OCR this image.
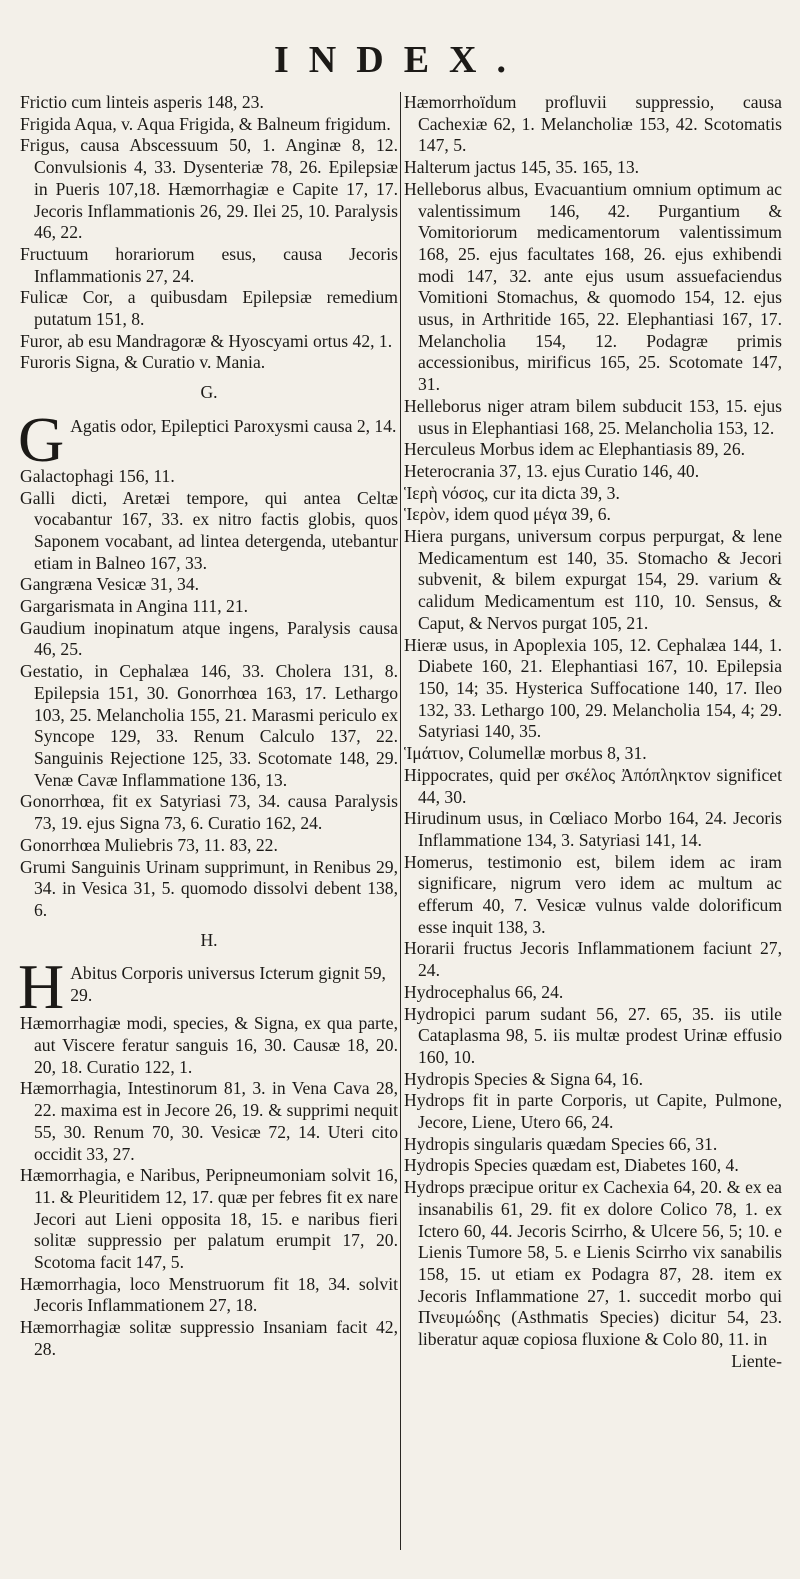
INDEX.

Frictio cum linteis asperis 148, 23.

Frigida Aqua, v. Aqua Frigida, & Balneum frigidum.

Frigus, causa Abscessuum 50, 1. Anginæ 8, 12. Convulsionis 4, 33. Dysenteriæ 78, 26. Epilepsiæ in Pueris 107,18. Hæmorrhagiæ e Capite 17, 17. Jecoris Inflammationis 26, 29. Ilei 25, 10. Paralysis 46, 22.

Fructuum horariorum esus, causa Jecoris Inflammationis 27, 24.

Fulicæ Cor, a quibusdam Epilepsiæ remedium putatum 151, 8.

Furor, ab esu Mandragoræ & Hyoscyami ortus 42, 1.

Furoris Signa, & Curatio v. Mania.

G.
G Agatis odor, Epileptici Paroxysmi causa 2, 14.

Galactophagi 156, 11.

Galli dicti, Aretæi tempore, qui antea Celtæ vocabantur 167, 33. ex nitro factis globis, quos Saponem vocabant, ad lintea detergenda, utebantur etiam in Balneo 167, 33.

Gangræna Vesicæ 31, 34.

Gargarismata in Angina 111, 21.

Gaudium inopinatum atque ingens, Paralysis causa 46, 25.

Gestatio, in Cephalæa 146, 33. Cholera 131, 8. Epilepsia 151, 30. Gonorrhœa 163, 17. Lethargo 103, 25. Melancholia 155, 21. Marasmi periculo ex Syncope 129, 33. Renum Calculo 137, 22. Sanguinis Rejectione 125, 33. Scotomate 148, 29. Venæ Cavæ Inflammatione 136, 13.

Gonorrhœa, fit ex Satyriasi 73, 34. causa Paralysis 73, 19. ejus Signa 73, 6. Curatio 162, 24.

Gonorrhœa Muliebris 73, 11. 83, 22.

Grumi Sanguinis Urinam supprimunt, in Renibus 29, 34. in Vesica 31, 5. quomodo dissolvi debent 138, 6.

H.
H Abitus Corporis universus Icterum gignit 59, 29.

Hæmorrhagiæ modi, species, & Signa, ex qua parte, aut Viscere feratur sanguis 16, 30. Causæ 18, 20. 20, 18. Curatio 122, 1.

Hæmorrhagia, Intestinorum 81, 3. in Vena Cava 28, 22. maxima est in Jecore 26, 19. & supprimi nequit 55, 30. Renum 70, 30. Vesicæ 72, 14. Uteri cito occidit 33, 27.

Hæmorrhagia, e Naribus, Peripneumoniam solvit 16, 11. & Pleuritidem 12, 17. quæ per febres fit ex nare Jecori aut Lieni opposita 18, 15. e naribus fieri solitæ suppressio per palatum erumpit 17, 20. Scotoma facit 147, 5.

Hæmorrhagia, loco Menstruorum fit 18, 34. solvit Jecoris Inflammationem 27, 18.

Hæmorrhagiæ solitæ suppressio Insaniam facit 42, 28.

Hæmorrhoïdum profluvii suppressio, causa Cachexiæ 62, 1. Melancholiæ 153, 42. Scotomatis 147, 5.

Halterum jactus 145, 35. 165, 13.

Helleborus albus, Evacuantium omnium optimum ac valentissimum 146, 42. Purgantium & Vomitoriorum medicamentorum valentissimum 168, 25. ejus facultates 168, 26. ejus exhibendi modi 147, 32. ante ejus usum assuefaciendus Vomitioni Stomachus, & quomodo 154, 12. ejus usus, in Arthritide 165, 22. Elephantiasi 167, 17. Melancholia 154, 12. Podagræ primis accessionibus, mirificus 165, 25. Scotomate 147, 31.

Helleborus niger atram bilem subducit 153, 15. ejus usus in Elephantiasi 168, 25. Melancholia 153, 12.

Herculeus Morbus idem ac Elephantiasis 89, 26.

Heterocrania 37, 13. ejus Curatio 146, 40.

Ἱερὴ νόσος, cur ita dicta 39, 3.

Ἱερὸν, idem quod μέγα 39, 6.

Hiera purgans, universum corpus perpurgat, & lene Medicamentum est 140, 35. Stomacho & Jecori subvenit, & bilem expurgat 154, 29. varium & calidum Medicamentum est 110, 10. Sensus, & Caput, & Nervos purgat 105, 21.

Hieræ usus, in Apoplexia 105, 12. Cephalæa 144, 1. Diabete 160, 21. Elephantiasi 167, 10. Epilepsia 150, 14; 35. Hysterica Suffocatione 140, 17. Ileo 132, 33. Lethargo 100, 29. Melancholia 154, 4; 29. Satyriasi 140, 35.

Ἱμάτιον, Columellæ morbus 8, 31.

Hippocrates, quid per σκέλος Ἀπόπληκτον significet 44, 30.

Hirudinum usus, in Cœliaco Morbo 164, 24. Jecoris Inflammatione 134, 3. Satyriasi 141, 14.

Homerus, testimonio est, bilem idem ac iram significare, nigrum vero idem ac multum ac efferum 40, 7. Vesicæ vulnus valde dolorificum esse inquit 138, 3.

Horarii fructus Jecoris Inflammationem faciunt 27, 24.

Hydrocephalus 66, 24.

Hydropici parum sudant 56, 27. 65, 35. iis utile Cataplasma 98, 5. iis multæ prodest Urinæ effusio 160, 10.

Hydropis Species & Signa 64, 16.

Hydrops fit in parte Corporis, ut Capite, Pulmone, Jecore, Liene, Utero 66, 24.

Hydropis singularis quædam Species 66, 31.

Hydropis Species quædam est, Diabetes 160, 4.

Hydrops præcipue oritur ex Cachexia 64, 20. & ex ea insanabilis 61, 29. fit ex dolore Colico 78, 1. ex Ictero 60, 44. Jecoris Scirrho, & Ulcere 56, 5; 10. e Lienis Tumore 58, 5. e Lienis Scirrho vix sanabilis 158, 15. ut etiam ex Podagra 87, 28. item ex Jecoris Inflammatione 27, 1. succedit morbo qui Πνευμώδης (Asthmatis Species) dicitur 54, 23. liberatur aquæ copiosa fluxione & Colo 80, 11. in

Liente-
